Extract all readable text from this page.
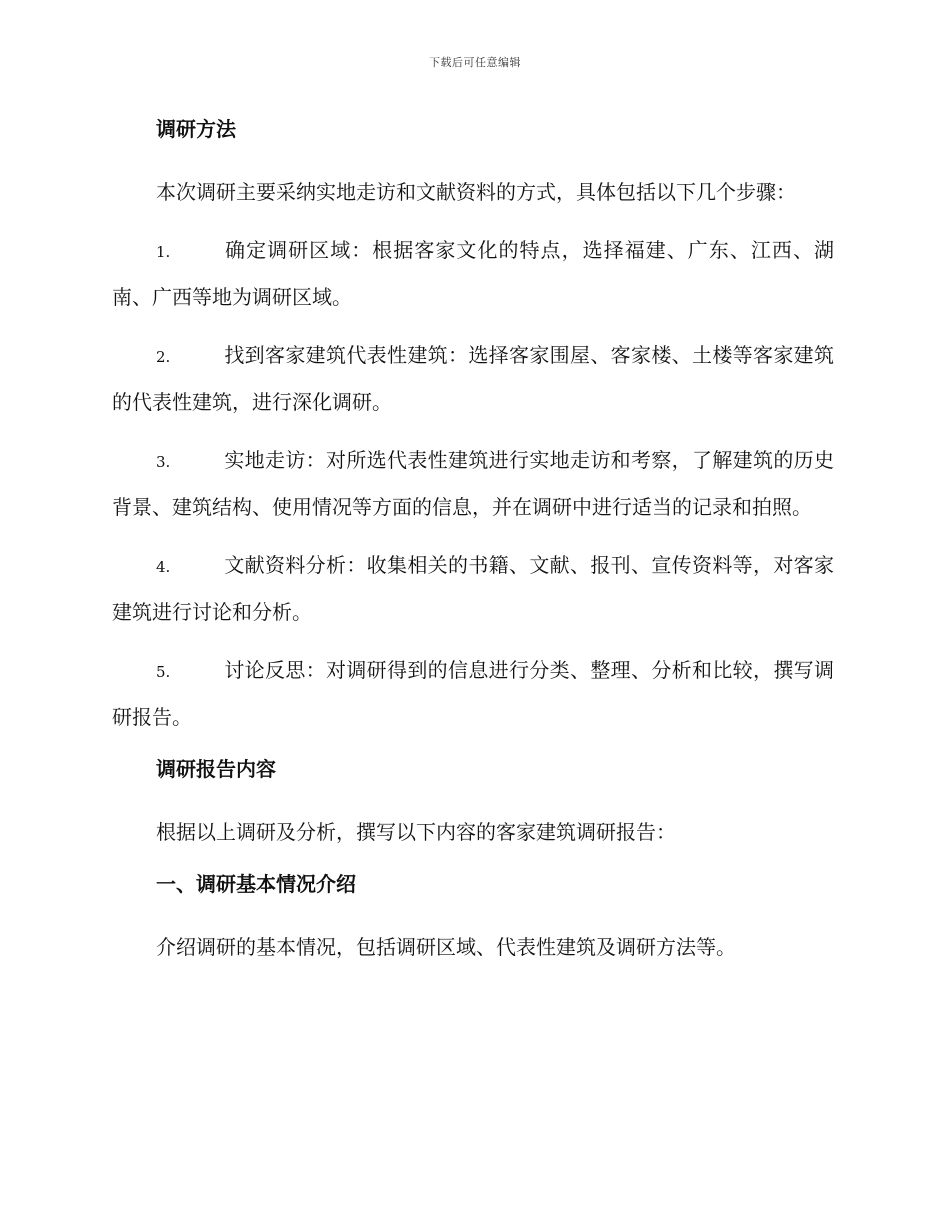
下载后可任意编辑
调研方法

本次调研主要采纳实地走访和文献资料的方式，具体包括以下几个步骤：

1.	确定调研区域：根据客家文化的特点，选择福建、广东、江西、湖南、广西等地为调研区域。

2.	找到客家建筑代表性建筑：选择客家围屋、客家楼、土楼等客家建筑的代表性建筑，进行深化调研。

3.	实地走访：对所选代表性建筑进行实地走访和考察，了解建筑的历史背景、建筑结构、使用情况等方面的信息，并在调研中进行适当的记录和拍照。

4.	文献资料分析：收集相关的书籍、文献、报刊、宣传资料等，对客家建筑进行讨论和分析。

5.	讨论反思：对调研得到的信息进行分类、整理、分析和比较，撰写调研报告。

调研报告内容

根据以上调研及分析，撰写以下内容的客家建筑调研报告：

一、调研基本情况介绍

介绍调研的基本情况，包括调研区域、代表性建筑及调研方法等。
